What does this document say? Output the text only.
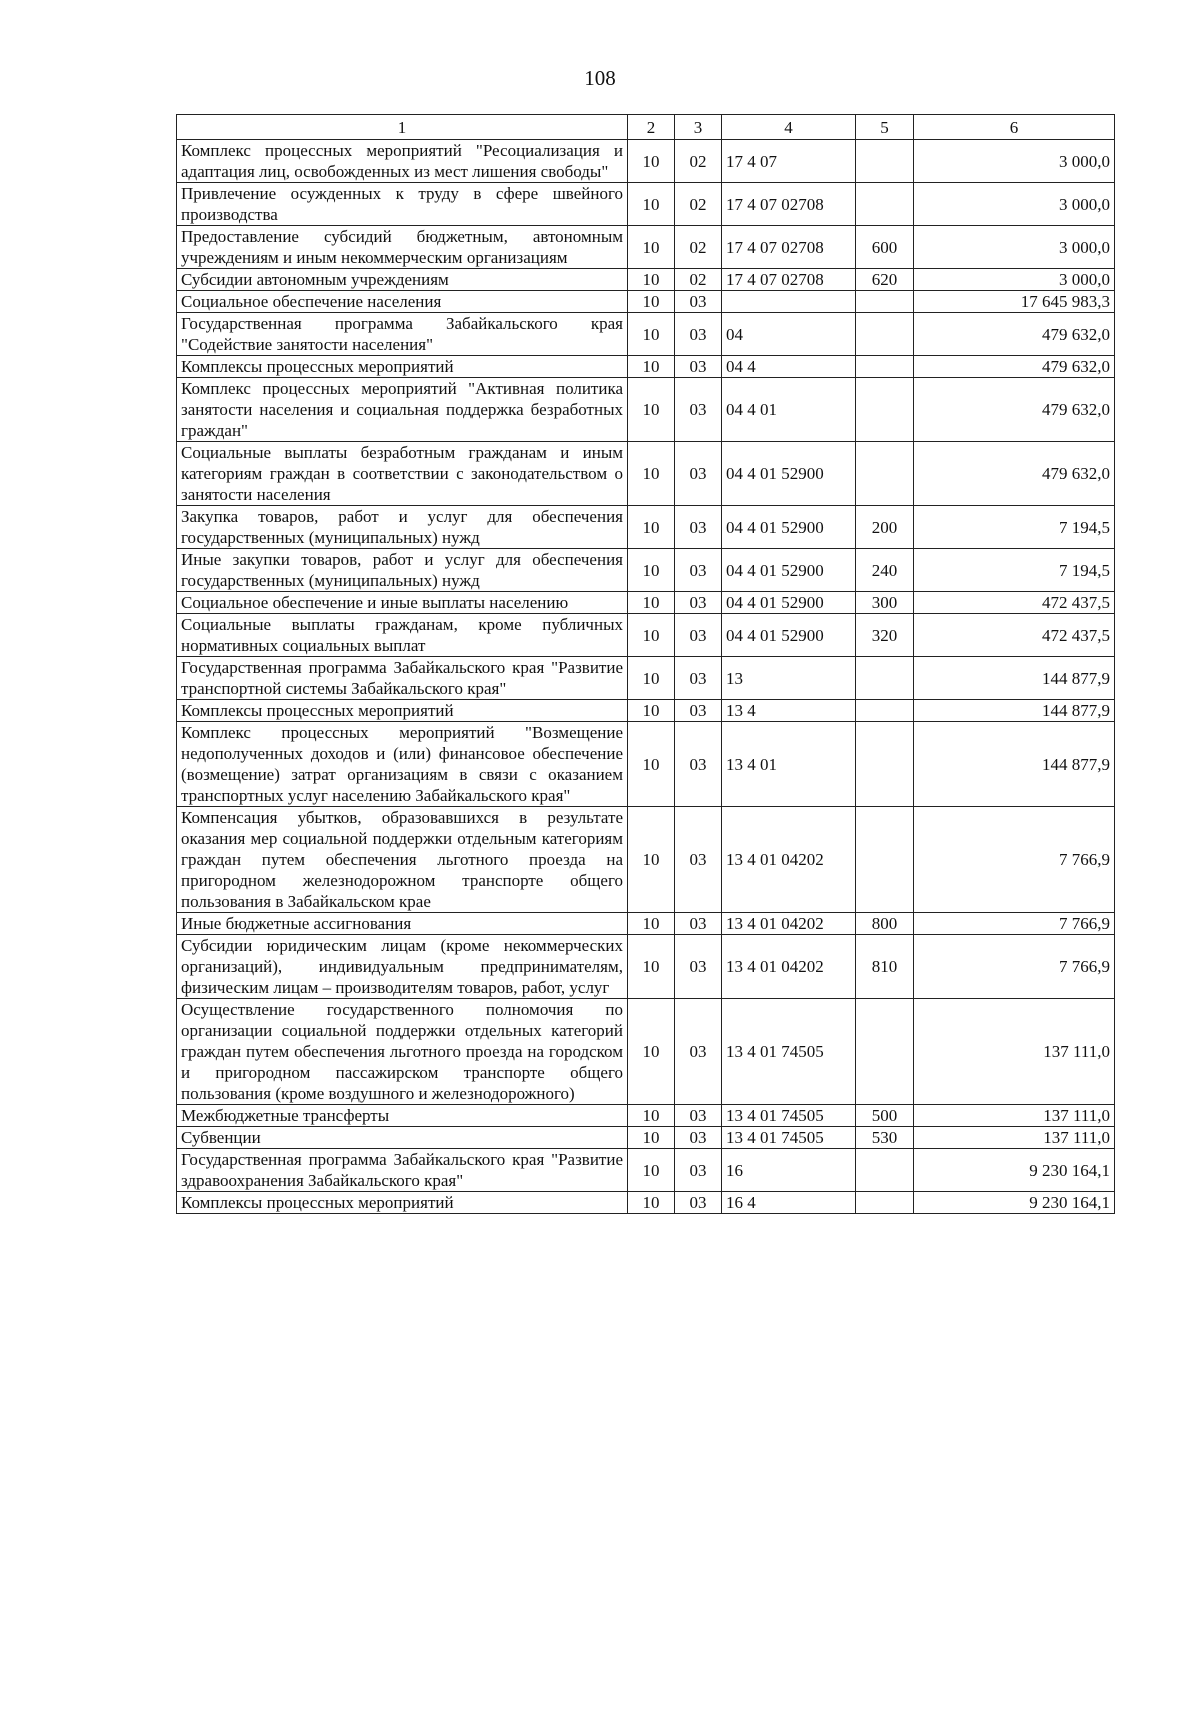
108
1	2	3	4	5	6
Комплекс процессных мероприятий "Ресоциализация и адаптация лиц, освобожденных из мест лишения свободы"	10	02	17 4 07		3 000,0
Привлечение осужденных к труду в сфере швейного производства	10	02	17 4 07 02708		3 000,0
Предоставление субсидий бюджетным, автономным учреждениям и иным некоммерческим организациям	10	02	17 4 07 02708	600	3 000,0
Субсидии автономным учреждениям	10	02	17 4 07 02708	620	3 000,0
Социальное обеспечение населения	10	03			17 645 983,3
Государственная программа Забайкальского края "Содействие занятости населения"	10	03	04		479 632,0
Комплексы процессных мероприятий	10	03	04 4		479 632,0
Комплекс процессных мероприятий "Активная политика занятости населения и социальная поддержка безработных граждан"	10	03	04 4 01		479 632,0
Социальные выплаты безработным гражданам и иным категориям граждан в соответствии с законодательством о занятости населения	10	03	04 4 01 52900		479 632,0
Закупка товаров, работ и услуг для обеспечения государственных (муниципальных) нужд	10	03	04 4 01 52900	200	7 194,5
Иные закупки товаров, работ и услуг для обеспечения государственных (муниципальных) нужд	10	03	04 4 01 52900	240	7 194,5
Социальное обеспечение и иные выплаты населению	10	03	04 4 01 52900	300	472 437,5
Социальные выплаты гражданам, кроме публичных нормативных социальных выплат	10	03	04 4 01 52900	320	472 437,5
Государственная программа Забайкальского края "Развитие транспортной системы Забайкальского края"	10	03	13		144 877,9
Комплексы процессных мероприятий	10	03	13 4		144 877,9
Комплекс процессных мероприятий "Возмещение недополученных доходов и (или) финансовое обеспечение (возмещение) затрат организациям в связи с оказанием транспортных услуг населению Забайкальского края"	10	03	13 4 01		144 877,9
Компенсация убытков, образовавшихся в результате оказания мер социальной поддержки отдельным категориям граждан путем обеспечения льготного проезда на пригородном железнодорожном транспорте общего пользования в Забайкальском крае	10	03	13 4 01 04202		7 766,9
Иные бюджетные ассигнования	10	03	13 4 01 04202	800	7 766,9
Субсидии юридическим лицам (кроме некоммерческих организаций), индивидуальным предпринимателям, физическим лицам – производителям товаров, работ, услуг	10	03	13 4 01 04202	810	7 766,9
Осуществление государственного полномочия по организации социальной поддержки отдельных категорий граждан путем обеспечения льготного проезда на городском и пригородном пассажирском транспорте общего пользования (кроме воздушного и железнодорожного)	10	03	13 4 01 74505		137 111,0
Межбюджетные трансферты	10	03	13 4 01 74505	500	137 111,0
Субвенции	10	03	13 4 01 74505	530	137 111,0
Государственная программа Забайкальского края "Развитие здравоохранения Забайкальского края"	10	03	16		9 230 164,1
Комплексы процессных мероприятий	10	03	16 4		9 230 164,1
